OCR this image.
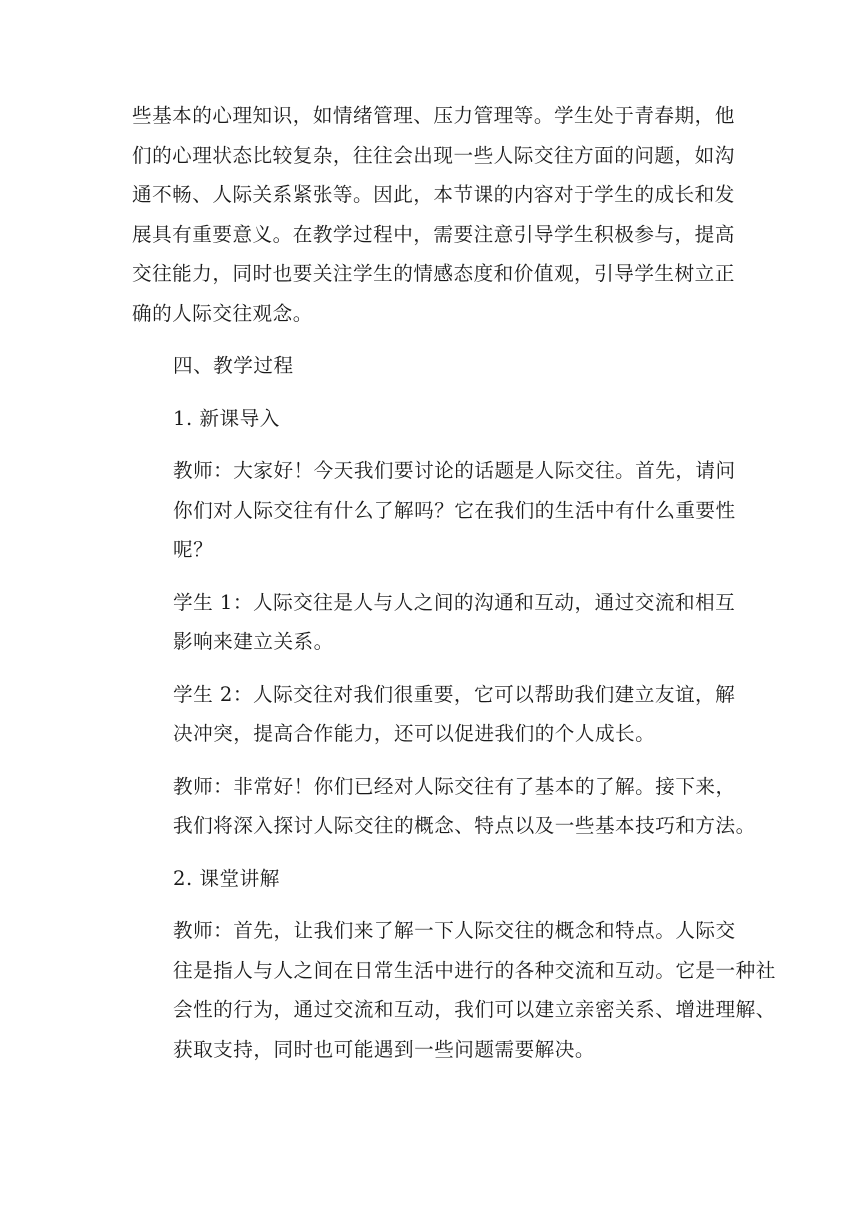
些基本的心理知识，如情绪管理、压力管理等。学生处于青春期，他
们的心理状态比较复杂，往往会出现一些人际交往方面的问题，如沟
通不畅、人际关系紧张等。因此，本节课的内容对于学生的成长和发
展具有重要意义。在教学过程中，需要注意引导学生积极参与，提高
交往能力，同时也要关注学生的情感态度和价值观，引导学生树立正
确的人际交往观念。

四、教学过程

1. 新课导入

教师：大家好！今天我们要讨论的话题是人际交往。首先，请问
你们对人际交往有什么了解吗？它在我们的生活中有什么重要性
呢？

学生 1：人际交往是人与人之间的沟通和互动，通过交流和相互
影响来建立关系。

学生 2：人际交往对我们很重要，它可以帮助我们建立友谊，解
决冲突，提高合作能力，还可以促进我们的个人成长。

教师：非常好！你们已经对人际交往有了基本的了解。接下来，
我们将深入探讨人际交往的概念、特点以及一些基本技巧和方法。

2. 课堂讲解

教师：首先，让我们来了解一下人际交往的概念和特点。人际交
往是指人与人之间在日常生活中进行的各种交流和互动。它是一种社
会性的行为，通过交流和互动，我们可以建立亲密关系、增进理解、
获取支持，同时也可能遇到一些问题需要解决。
